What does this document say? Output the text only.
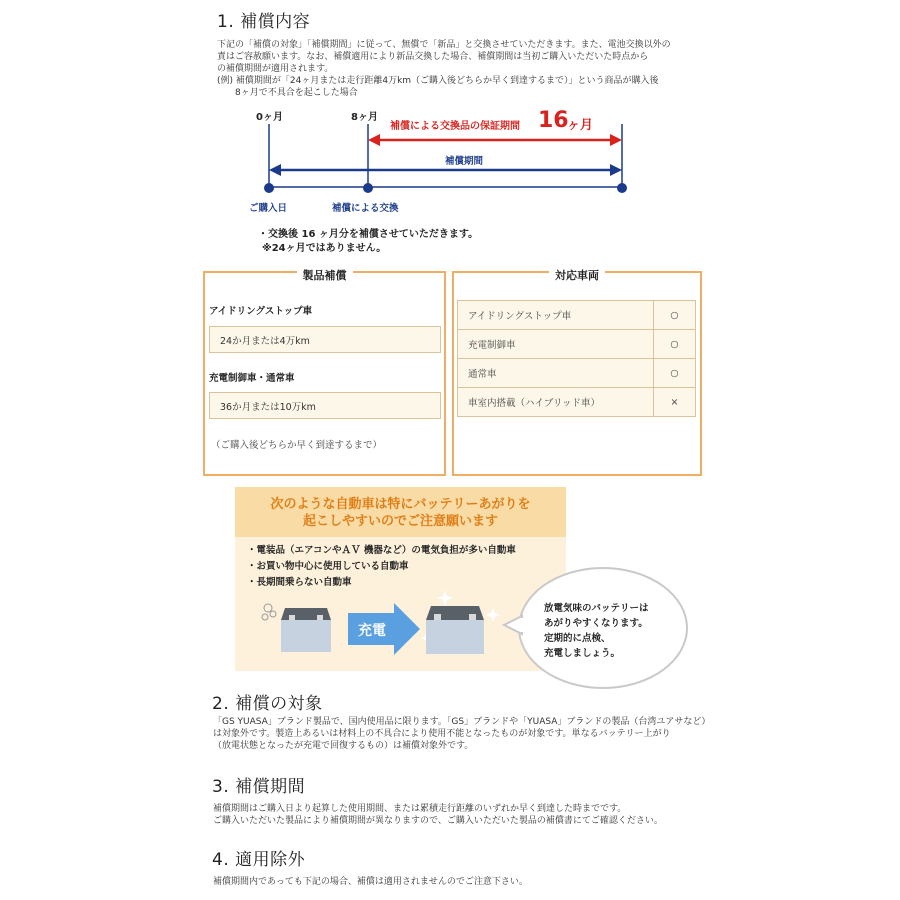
1. 補償内容
下記の「補償の対象」「補償期間」に従って、無償で「新品」と交換させていただきます。また、電池交換以外の
責はご容赦願います。なお、補償適用により新品交換した場合、補償期間は当初ご購入いただいた時点から
の補償期間が適用されます。
(例) 補償期間が「24ヶ月または走行距離4万km（ご購入後どちらか早く到達するまで）」という商品が購入後
8ヶ月で不具合を起こした場合
0ヶ月	8ヶ月
補償による交換品の保証期間 16
ヶ月
補償期間
ご購入日	補償による交換
・交換後 16 ヶ月分を補償させていただきます。
※24ヶ月ではありません。
製品補償
アイドリングストップ車
24か月または4万km
充電制御車・通常車
36か月または10万km
（ご購入後どちらか早く到達するまで）
対応車両
アイドリングストップ車	○
充電制御車	○
通常車	○
車室内搭載（ハイブリッド車）	×
次のような自動車は特にバッテリーあがりを
起こしやすいのでご注意願います
・電装品（エアコンやＡＶ 機器など）の電気負担が多い自動車
・お買い物中心に使用している自動車
・長期間乗らない自動車
充電
放電気味のバッテリーは
あがりやすくなります。
定期的に点検、
充電しましょう。
2. 補償の対象
「GS YUASA」ブランド製品で、国内使用品に限ります。「GS」ブランドや「YUASA」ブランドの製品（台湾ユアサなど）
は対象外です。製造上あるいは材料上の不具合により使用不能となったものが対象です。単なるバッテリー上がり
（放電状態となったが充電で回復するもの）は補償対象外です。
3. 補償期間
補償期間はご購入日より起算した使用期間、または累積走行距離のいずれか早く到達した時までです。
ご購入いただいた製品により補償期間が異なりますので、ご購入いただいた製品の補償書にてご確認ください。
4. 適用除外
補償期間内であっても下記の場合、補償は適用されませんのでご注意下さい。
